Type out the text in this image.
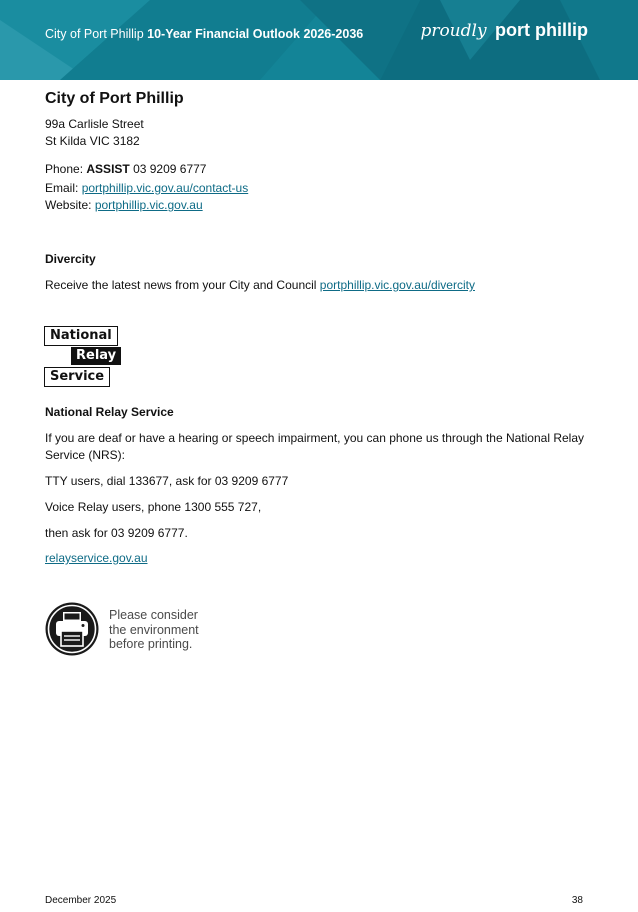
City of Port Phillip 10-Year Financial Outlook 2026-2036	proudly port phillip
City of Port Phillip
99a Carlisle Street
St Kilda VIC 3182
Phone: ASSIST 03 9209 6777
Email: portphillip.vic.gov.au/contact-us
Website: portphillip.vic.gov.au
Divercity
Receive the latest news from your City and Council portphillip.vic.gov.au/divercity
National
Relay
Service
National Relay Service
If you are deaf or have a hearing or speech impairment, you can phone us through the National Relay Service (NRS):
TTY users, dial 133677, ask for 03 9209 6777
Voice Relay users, phone 1300 555 727,
then ask for 03 9209 6777.
relayservice.gov.au
Please consider
the environment
before printing.
December 2025	38
